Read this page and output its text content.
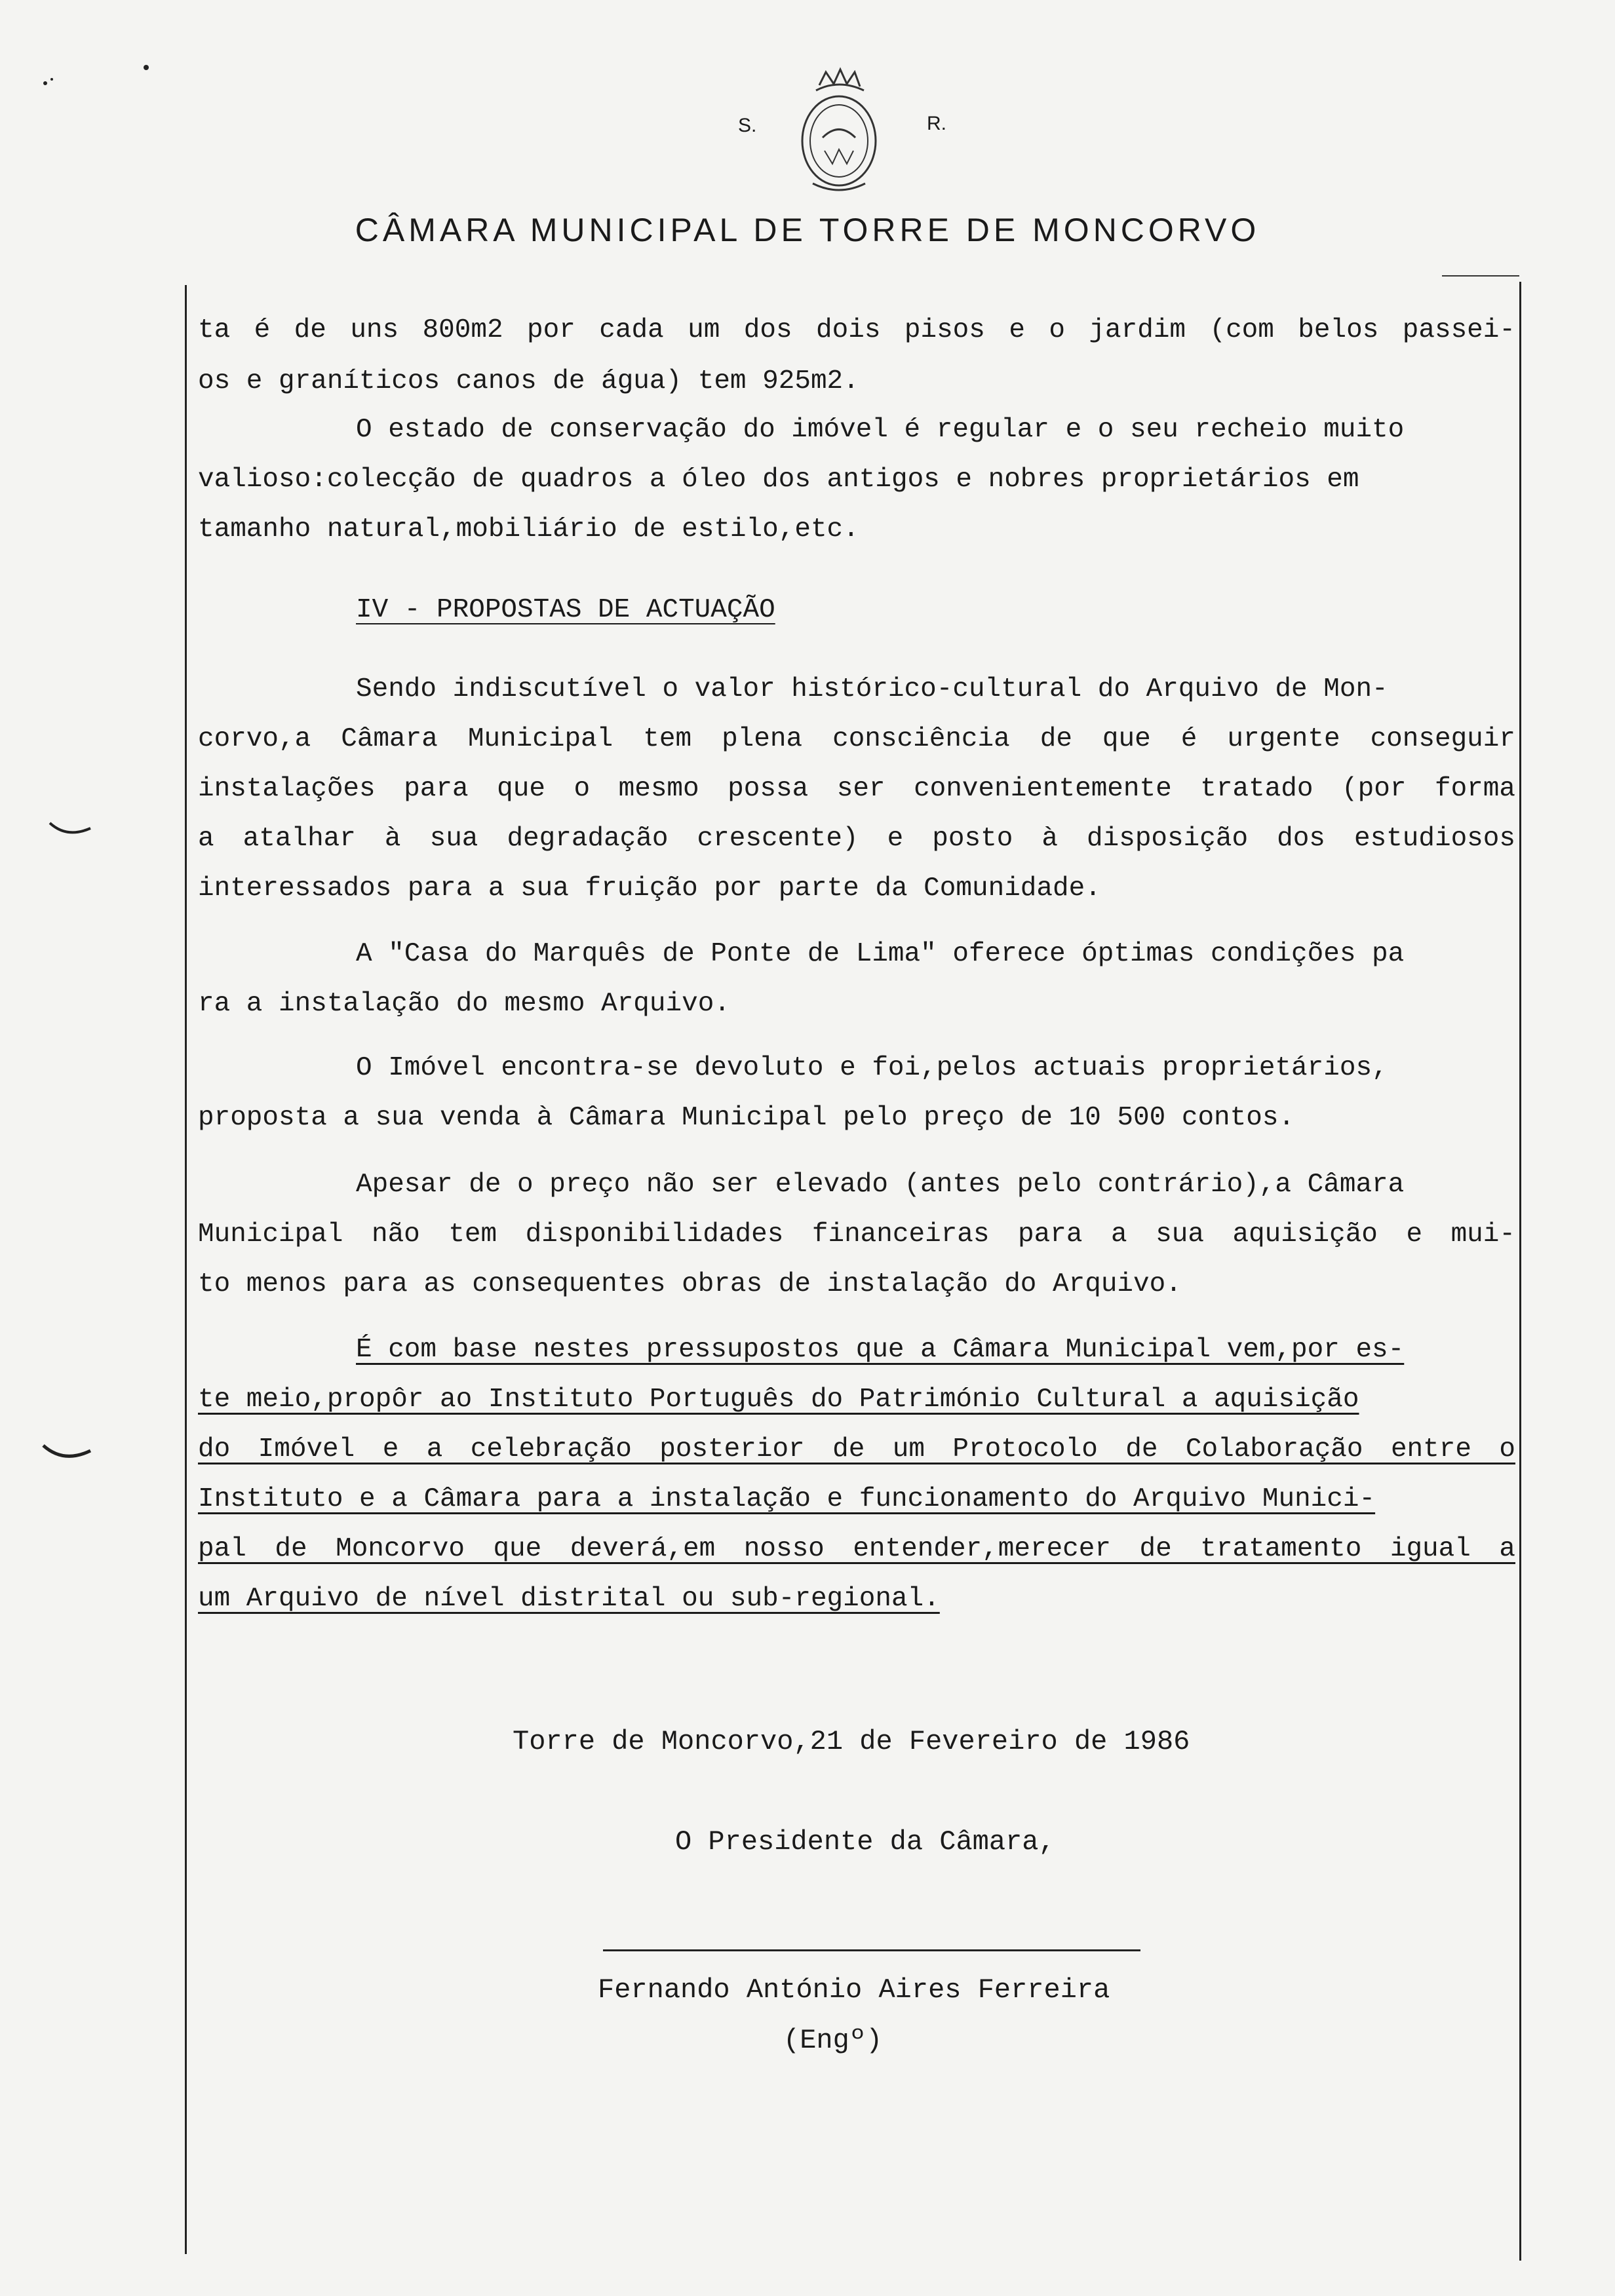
S.	R.
CÂMARA MUNICIPAL DE TORRE DE MONCORVO
ta é de uns 800m2 por cada um dos dois pisos e o jardim (com belos passei-
os e graníticos canos de água) tem 925m2.
O estado de conservação do imóvel é regular e o seu recheio muito
valioso:colecção de quadros a óleo dos antigos e nobres proprietários em
tamanho natural,mobiliário de estilo,etc.
IV - PROPOSTAS DE ACTUAÇÃO
Sendo indiscutível o valor histórico-cultural do Arquivo de Mon-
corvo,a Câmara Municipal tem plena consciência de que é urgente conseguir
instalações para que o mesmo possa ser convenientemente tratado (por forma
a atalhar à sua degradação crescente) e posto à disposição dos estudiosos
interessados para a sua fruição por parte da Comunidade.
A "Casa do Marquês de Ponte de Lima" oferece óptimas condições pa
ra a instalação do mesmo Arquivo.
O Imóvel encontra-se devoluto e foi,pelos actuais proprietários,
proposta a sua venda à Câmara Municipal pelo preço de 10 500 contos.
Apesar de o preço não ser elevado (antes pelo contrário),a Câmara
Municipal não tem disponibilidades financeiras para a sua aquisição e mui-
to menos para as consequentes obras de instalação do Arquivo.
É com base nestes pressupostos que a Câmara Municipal vem,por es-
te meio,propôr ao Instituto Português do Património Cultural a aquisição
do Imóvel e a celebração posterior de um Protocolo de Colaboração entre o
Instituto e a Câmara para a instalação e funcionamento do Arquivo Munici-
pal de Moncorvo que deverá,em nosso entender,merecer de tratamento igual a
um Arquivo de nível distrital ou sub-regional.
Torre de Moncorvo,21 de Fevereiro de 1986
O Presidente da Câmara,
Fernando António Aires Ferreira
(Engº)
